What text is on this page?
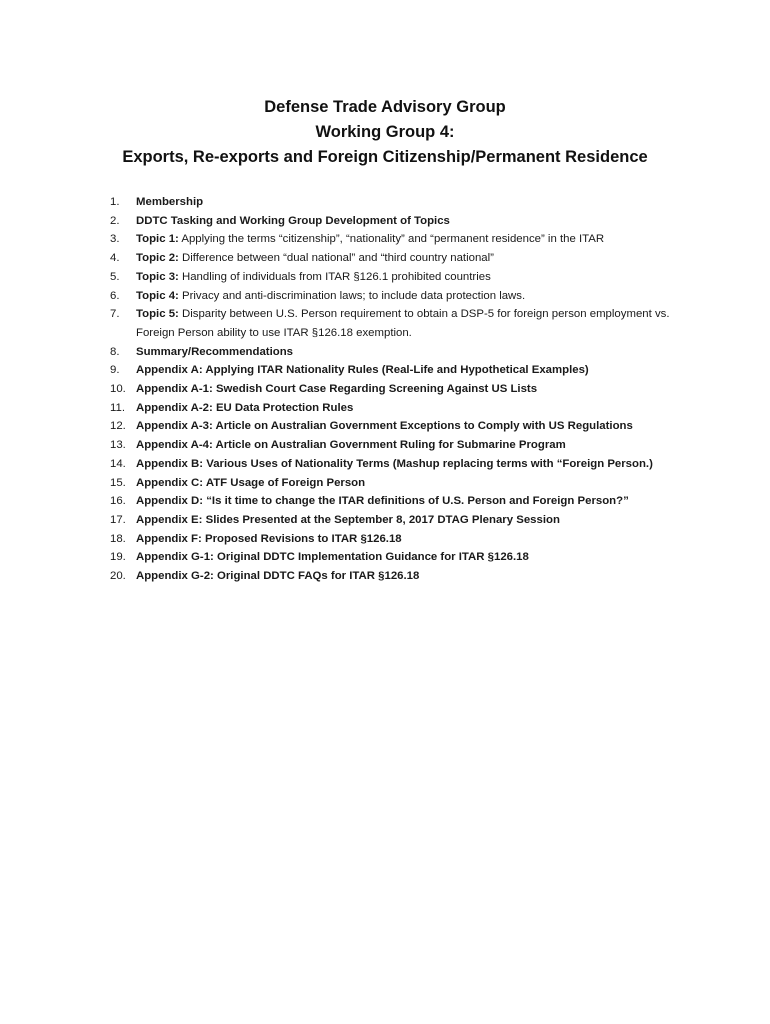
Defense Trade Advisory Group
Working Group 4:
Exports, Re-exports and Foreign Citizenship/Permanent Residence
1.	Membership
2.	DDTC Tasking and Working Group Development of Topics
3.	Topic 1: Applying the terms “citizenship”, “nationality” and “permanent residence” in the ITAR
4.	Topic 2: Difference between “dual national” and “third country national”
5.	Topic 3: Handling of individuals from ITAR §126.1 prohibited countries
6.	Topic 4: Privacy and anti-discrimination laws; to include data protection laws.
7.	Topic 5: Disparity between U.S. Person requirement to obtain a DSP-5 for foreign person employment vs. Foreign Person ability to use ITAR §126.18 exemption.
8.	Summary/Recommendations
9.	Appendix A: Applying ITAR Nationality Rules (Real-Life and Hypothetical Examples)
10. Appendix A-1: Swedish Court Case Regarding Screening Against US Lists
11. Appendix A-2: EU Data Protection Rules
12. Appendix A-3: Article on Australian Government Exceptions to Comply with US Regulations
13. Appendix A-4: Article on Australian Government Ruling for Submarine Program
14. Appendix B: Various Uses of Nationality Terms (Mashup replacing terms with “Foreign Person.)
15. Appendix C: ATF Usage of Foreign Person
16. Appendix D: “Is it time to change the ITAR definitions of U.S. Person and Foreign Person?”
17. Appendix E: Slides Presented at the September 8, 2017 DTAG Plenary Session
18. Appendix F: Proposed Revisions to ITAR §126.18
19. Appendix G-1: Original DDTC Implementation Guidance for ITAR §126.18
20. Appendix G-2: Original DDTC FAQs for ITAR §126.18
